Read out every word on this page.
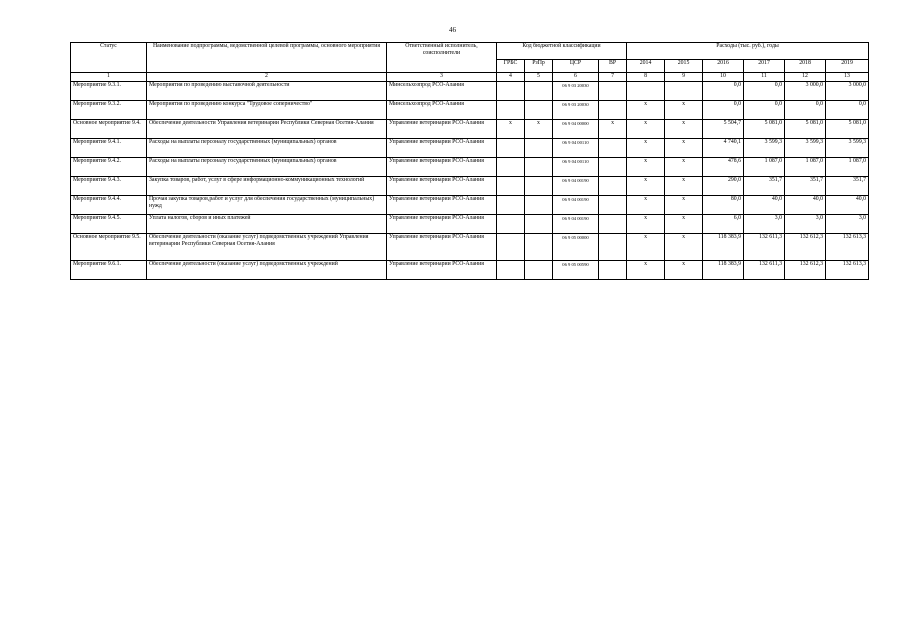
46
Статус	Наименование подпрограммы, ведомственной целевой программы, основного мероприятия	Ответственный исполнитель, соисполнители	Код бюджетной классификации				Расходы (тыс. руб.), годы					
			ГРБС	РзПр	ЦСР	ВР	2014	2015	2016	2017	2018	2019
1	2	3	4	5	6	7	8	9	10	11	12	13
Мероприятие 9.3.1.	Мероприятия по проведению выставочной деятельности	Минсельхозпрод РСО-Алания			06 9 03 20030				0,0	0,0	3 000,0	3 000,0
Мероприятие 9.3.2.	Мероприятия по проведению конкурса "Трудовое соперничество"	Минсельхозпрод РСО-Алания			06 9 03 20030		x	x	0,0	0,0	0,0	0,0
Основное мероприятие 9.4.	Обеспечение деятельности Управления ветеринарии Республики Северная Осетия-Алания	Управление ветеринарии РСО-Алания	x	x	06 9 04 00000	x	x	x	5 504,7	5 081,0	5 081,0	5 081,0
Мероприятие 9.4.1.	Расходы на выплаты персоналу государственных (муниципальных) органов	Управление ветеринарии РСО-Алания			06 9 04 00110		x	x	4 740,1	3 599,3	3 599,3	3 599,3
Мероприятие 9.4.2.	Расходы на выплаты персоналу государственных (муниципальных) органов	Управление ветеринарии РСО-Алания			06 9 04 00110		x	x	478,6	1 087,0	1 087,0	1 087,0
Мероприятие 9.4.3.	Закупка товаров, работ, услуг в сфере информационно-коммуникационных технологий	Управление ветеринарии РСО-Алания			06 9 04 00190		x	x	290,0	351,7	351,7	351,7
Мероприятие 9.4.4.	Прочая закупка товаров,работ и услуг для обеспечения государственных (муниципальных) нужд	Управление ветеринарии РСО-Алания			06 9 04 00190		x	x	80,0	40,0	40,0	40,0
Мероприятие 9.4.5.	Уплата налогов, сборов и иных платежей	Управление ветеринарии РСО-Алания			06 9 04 00190		x	x	6,0	3,0	3,0	3,0
Основное мероприятие 9.5.	Обеспечение деятельности (оказание услуг) подведомственных учреждений Управления ветеринарии Республики Северная Осетия-Алания	Управление ветеринарии РСО-Алания			06 9 05 00000		x	x	118 383,9	132 611,3	132 612,3	132 613,3
Мероприятие 9.6.1.	Обеспечение деятельности (оказание услуг) подведомственных учреждений	Управление ветеринарии РСО-Алания			06 9 05 00590		x	x	118 383,9	132 611,3	132 612,3	132 613,3
